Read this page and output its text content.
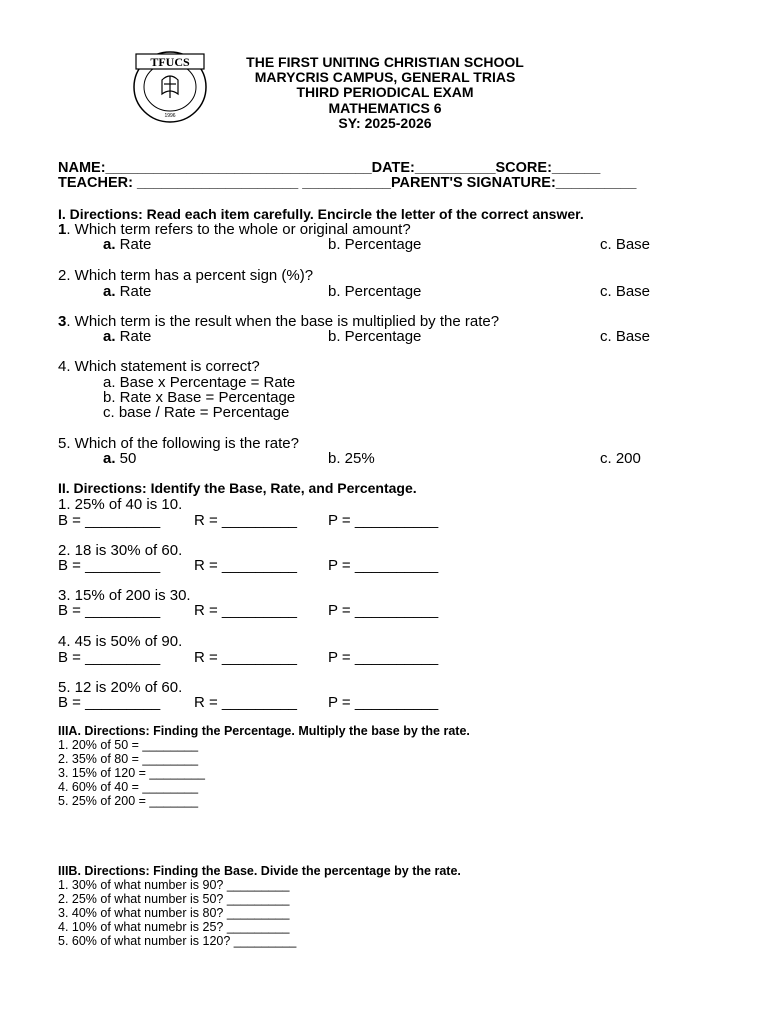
TFUCS
1996
THE FIRST UNITING CHRISTIAN SCHOOL
MARYCRIS CAMPUS, GENERAL TRIAS
THIRD PERIODICAL EXAM
MATHEMATICS 6
SY: 2025-2026
NAME:_________________________________DATE:__________SCORE:______
TEACHER: ____________________ ___________PARENT'S SIGNATURE:__________
I. Directions: Read each item carefully. Encircle the letter of the correct answer.
1. Which term refers to the whole or original amount?
a. Rate	b. Percentage	c. Base
2. Which term has a percent sign (%)?
a. Rate	b. Percentage	c. Base
3. Which term is the result when the base is multiplied by the rate?
a. Rate	b. Percentage	c. Base
4. Which statement is correct?
a. Base x Percentage = Rate
b. Rate x Base = Percentage
c. base / Rate = Percentage
5. Which of the following is the rate?
a. 50	b. 25%	c. 200
II. Directions: Identify the Base, Rate, and Percentage.
1. 25% of 40 is 10.
B = _________ R = _________ P = __________
2. 18 is 30% of 60.
B = _________ R = _________ P = __________
3. 15% of 200 is 30.
B = _________ R = _________ P = __________
4. 45 is 50% of 90.
B = _________ R = _________ P = __________
5. 12 is 20% of 60.
B = _________ R = _________ P = __________
IIIA. Directions: Finding the Percentage. Multiply the base by the rate.
1. 20% of 50 = ________
2. 35% of 80 = ________
3. 15% of 120 = ________
4. 60% of 40 = ________
5. 25% of 200 = _______
IIIB. Directions: Finding the Base. Divide the percentage by the rate.
1. 30% of what number is 90? _________
2. 25% of what number is 50? _________
3. 40% of what number is 80? _________
4. 10% of what numebr is 25? _________
5. 60% of what number is 120? _________
